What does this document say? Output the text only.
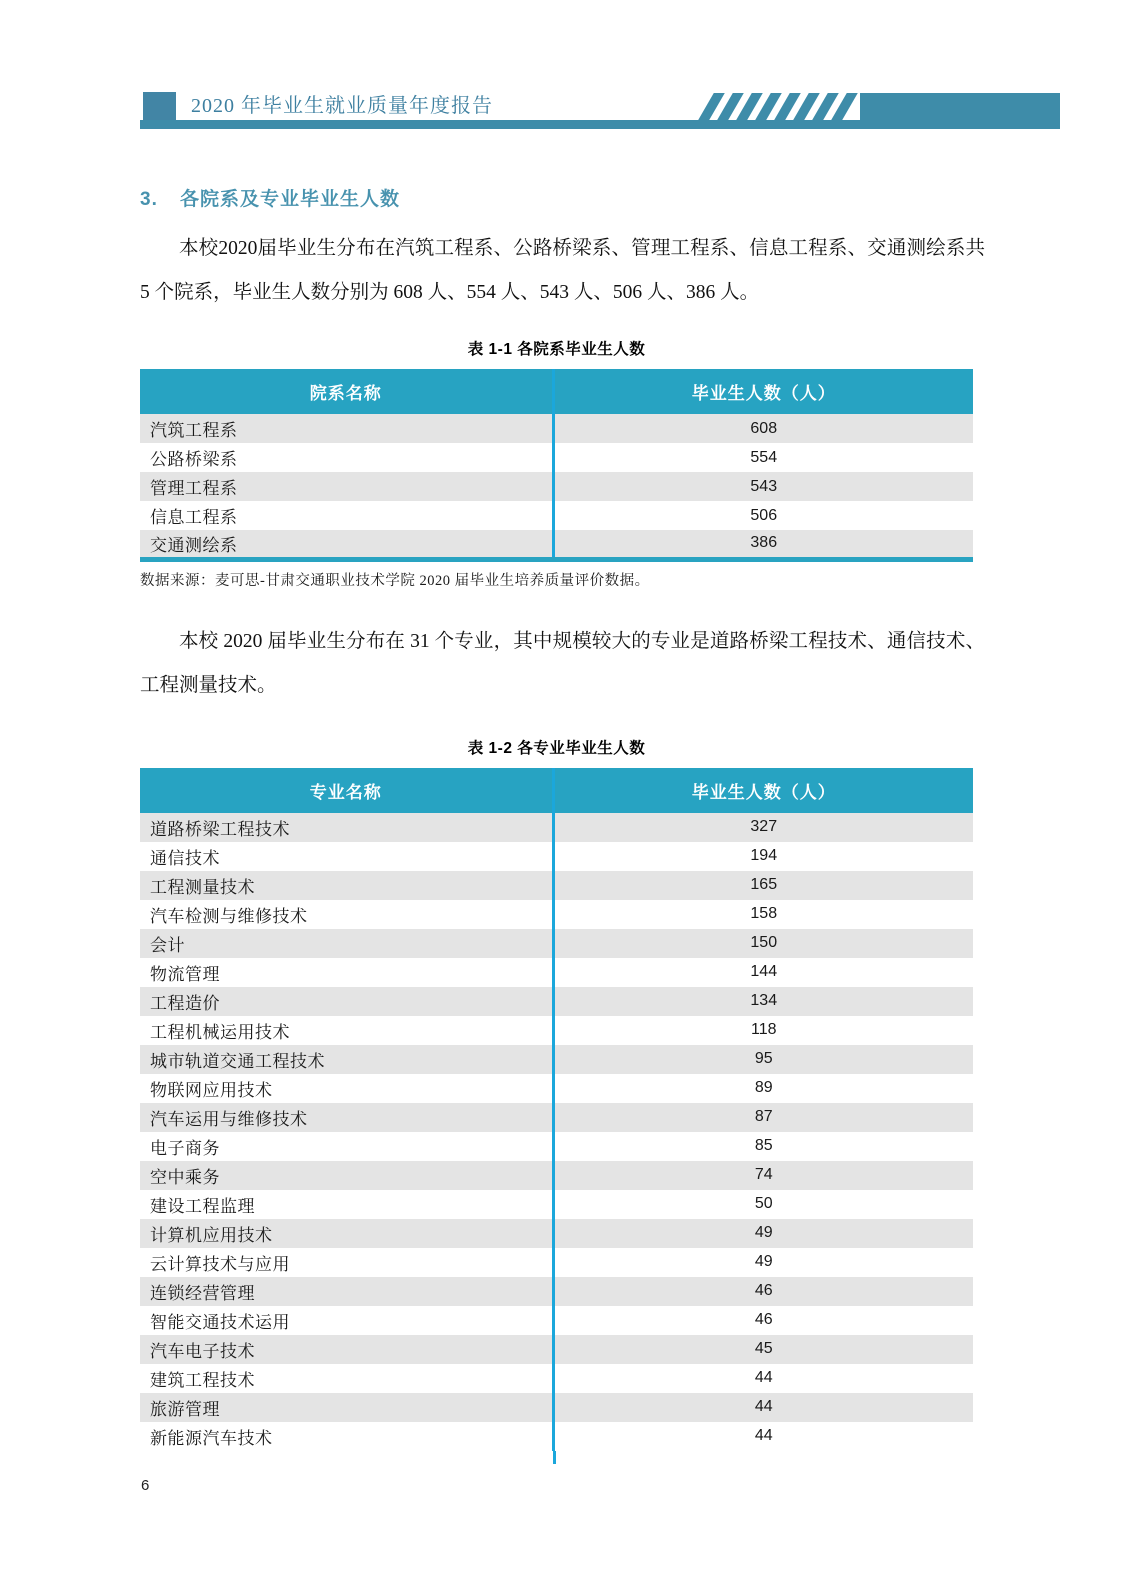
2020 年毕业生就业质量年度报告
3. 各院系及专业毕业生人数

本校2020届毕业生分布在汽筑工程系、公路桥梁系、管理工程系、信息工程系、交通测绘系共 5 个院系，毕业生人数分别为 608 人、554 人、543 人、506 人、386 人。

表 1-1 各院系毕业生人数
院系名称	毕业生人数（人）
汽筑工程系	608
公路桥梁系	554
管理工程系	543
信息工程系	506
交通测绘系	386
数据来源：麦可思-甘肃交通职业技术学院 2020 届毕业生培养质量评价数据。

本校 2020 届毕业生分布在 31 个专业，其中规模较大的专业是道路桥梁工程技术、通信技术、工程测量技术。

表 1-2 各专业毕业生人数
专业名称	毕业生人数（人）
道路桥梁工程技术	327
通信技术	194
工程测量技术	165
汽车检测与维修技术	158
会计	150
物流管理	144
工程造价	134
工程机械运用技术	118
城市轨道交通工程技术	95
物联网应用技术	89
汽车运用与维修技术	87
电子商务	85
空中乘务	74
建设工程监理	50
计算机应用技术	49
云计算技术与应用	49
连锁经营管理	46
智能交通技术运用	46
汽车电子技术	45
建筑工程技术	44
旅游管理	44
新能源汽车技术	44
6
